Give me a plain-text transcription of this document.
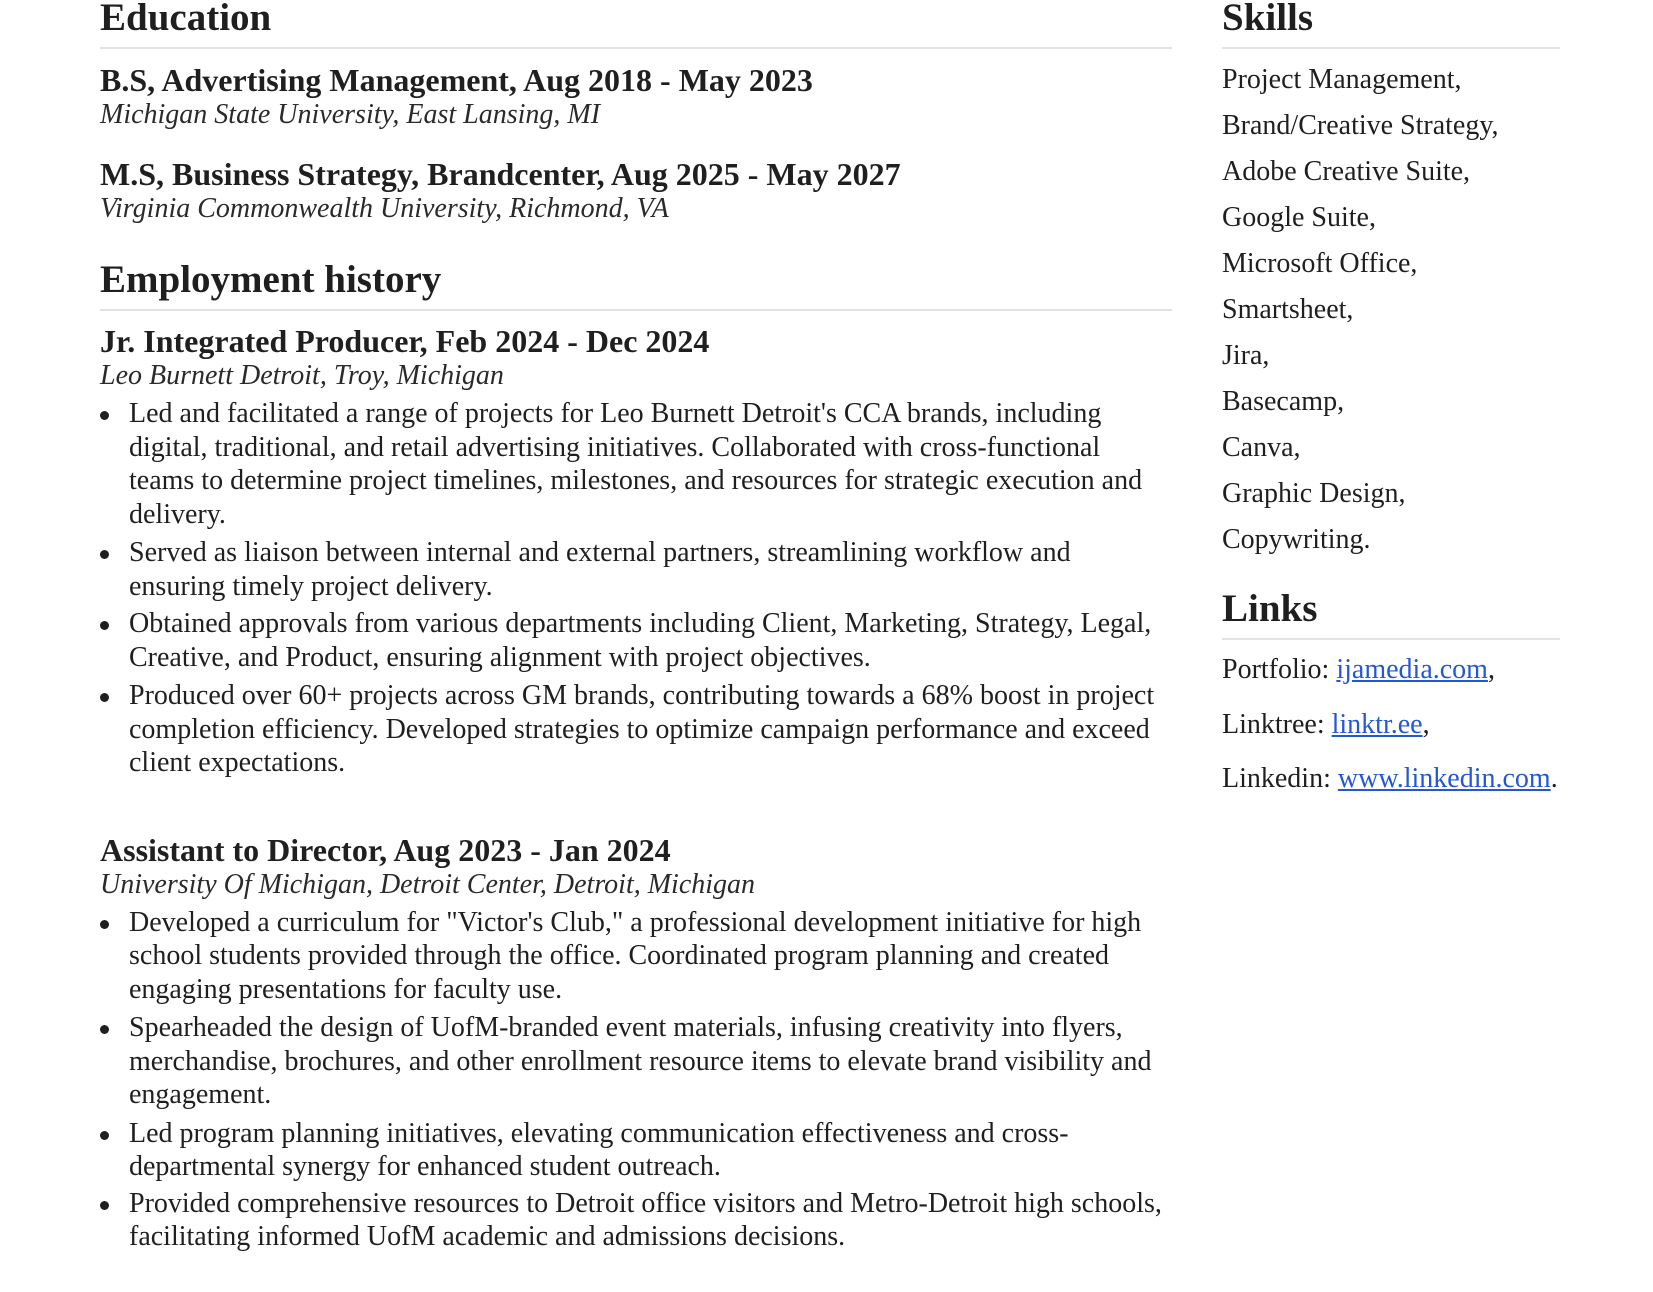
Education

B.S, Advertising Management, Aug 2018 - May 2023

Michigan State University, East Lansing, MI

M.S, Business Strategy, Brandcenter, Aug 2025 - May 2027

Virginia Commonwealth University, Richmond, VA

Employment history

Jr. Integrated Producer, Feb 2024 - Dec 2024

Leo Burnett Detroit, Troy, Michigan

Led and facilitated a range of projects for Leo Burnett Detroit's CCA brands, including digital, traditional, and retail advertising initiatives. Collaborated with cross-functional teams to determine project timelines, milestones, and resources for strategic execution and delivery.
Served as liaison between internal and external partners, streamlining workflow and ensuring timely project delivery.
Obtained approvals from various departments including Client, Marketing, Strategy, Legal, Creative, and Product, ensuring alignment with project objectives.
Produced over 60+ projects across GM brands, contributing towards a 68% boost in project completion efficiency. Developed strategies to optimize campaign performance and exceed client expectations.

Assistant to Director, Aug 2023 - Jan 2024

University Of Michigan, Detroit Center, Detroit, Michigan

Developed a curriculum for "Victor's Club," a professional development initiative for high school students provided through the office. Coordinated program planning and created engaging presentations for faculty use.
Spearheaded the design of UofM-branded event materials, infusing creativity into flyers, merchandise, brochures, and other enrollment resource items to elevate brand visibility and engagement.
Led program planning initiatives, elevating communication effectiveness and cross-departmental synergy for enhanced student outreach.
Provided comprehensive resources to Detroit office visitors and Metro-Detroit high schools, facilitating informed UofM academic and admissions decisions.
Skills
Project Management,
Brand/Creative Strategy,
Adobe Creative Suite,
Google Suite,
Microsoft Office,
Smartsheet,
Jira,
Basecamp,
Canva,
Graphic Design,
Copywriting.
Links
Portfolio: ijamedia.com,
Linktree: linktr.ee,
Linkedin: www.linkedin.com.
